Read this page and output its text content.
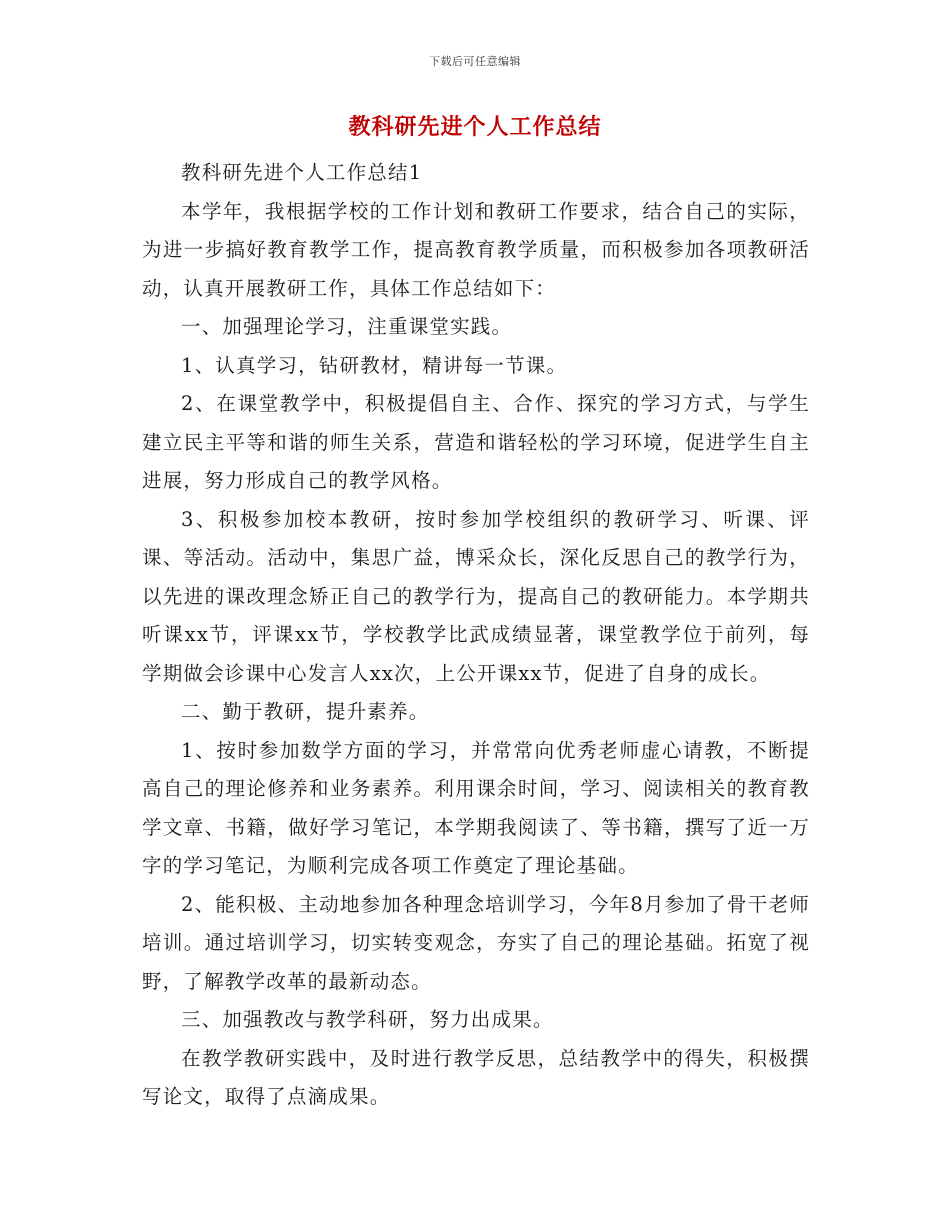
下载后可任意编辑
教科研先进个人工作总结

教科研先进个人工作总结1

本学年，我根据学校的工作计划和教研工作要求，结合自己的实际，为进一步搞好教育教学工作，提高教育教学质量，而积极参加各项教研活动，认真开展教研工作，具体工作总结如下：

一、加强理论学习，注重课堂实践。

1、认真学习，钻研教材，精讲每一节课。

2、在课堂教学中，积极提倡自主、合作、探究的学习方式，与学生建立民主平等和谐的师生关系，营造和谐轻松的学习环境，促进学生自主进展，努力形成自己的教学风格。

3、积极参加校本教研，按时参加学校组织的教研学习、听课、评课、等活动。活动中，集思广益，博采众长，深化反思自己的教学行为，以先进的课改理念矫正自己的教学行为，提高自己的教研能力。本学期共听课xx节，评课xx节，学校教学比武成绩显著，课堂教学位于前列，每学期做会诊课中心发言人xx次，上公开课xx节，促进了自身的成长。

二、勤于教研，提升素养。

1、按时参加数学方面的学习，并常常向优秀老师虚心请教，不断提高自己的理论修养和业务素养。利用课余时间，学习、阅读相关的教育教学文章、书籍，做好学习笔记，本学期我阅读了、等书籍，撰写了近一万字的学习笔记，为顺利完成各项工作奠定了理论基础。

2、能积极、主动地参加各种理念培训学习，今年8月参加了骨干老师培训。通过培训学习，切实转变观念，夯实了自己的理论基础。拓宽了视野，了解教学改革的最新动态。

三、加强教改与教学科研，努力出成果。

在教学教研实践中，及时进行教学反思，总结教学中的得失，积极撰写论文，取得了点滴成果。
